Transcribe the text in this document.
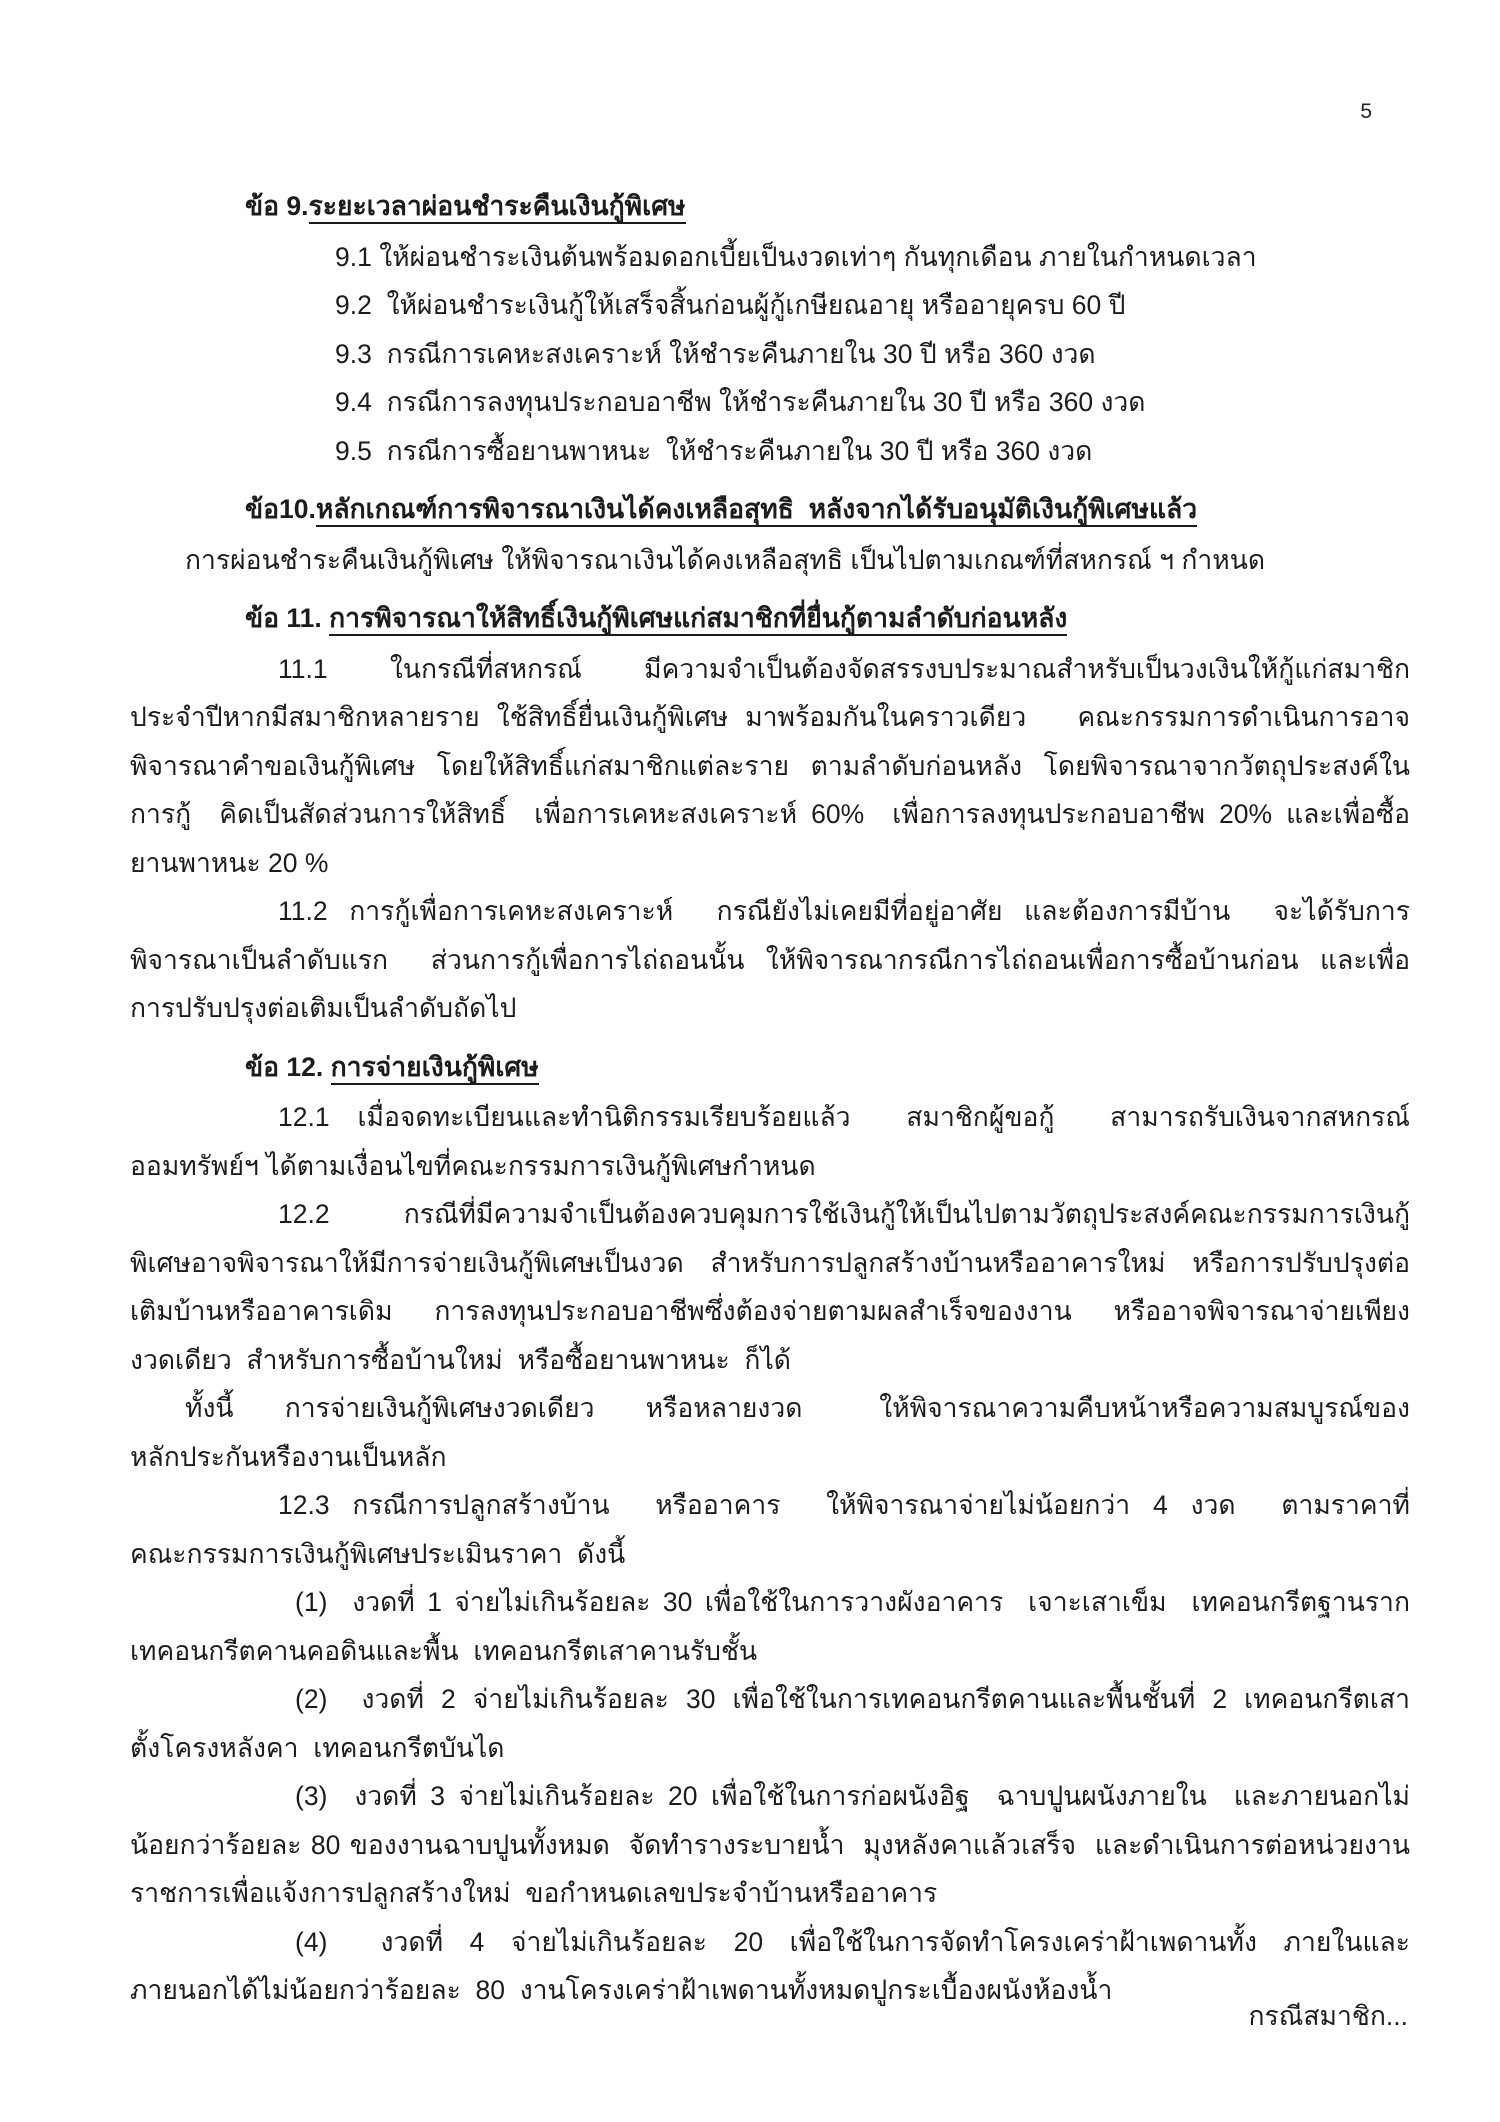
5
ข้อ 9.ระยะเวลาผ่อนชำระคืนเงินกู้พิเศษ
9.1 ให้ผ่อนชำระเงินต้นพร้อมดอกเบี้ยเป็นงวดเท่าๆ กันทุกเดือน ภายในกำหนดเวลา
9.2  ให้ผ่อนชำระเงินกู้ให้เสร็จสิ้นก่อนผู้กู้เกษียณอายุ หรืออายุครบ 60 ปี
9.3  กรณีการเคหะสงเคราะห์ ให้ชำระคืนภายใน 30 ปี หรือ 360 งวด
9.4  กรณีการลงทุนประกอบอาชีพ ให้ชำระคืนภายใน 30 ปี หรือ 360 งวด
9.5  กรณีการซื้อยานพาหนะ  ให้ชำระคืนภายใน 30 ปี หรือ 360 งวด
ข้อ10.หลักเกณฑ์การพิจารณาเงินได้คงเหลือสุทธิ  หลังจากได้รับอนุมัติเงินกู้พิเศษแล้ว
การผ่อนชำระคืนเงินกู้พิเศษ ให้พิจารณาเงินได้คงเหลือสุทธิ เป็นไปตามเกณฑ์ที่สหกรณ์ ฯ กำหนด
ข้อ 11. การพิจารณาให้สิทธิ์เงินกู้พิเศษแก่สมาชิกที่ยื่นกู้ตามลำดับก่อนหลัง
11.1 ในกรณีที่สหกรณ์ มีความจำเป็นต้องจัดสรรงบประมาณสำหรับเป็นวงเงินให้กู้แก่สมาชิก
ประจำปีหากมีสมาชิกหลายราย ใช้สิทธิ์ยื่นเงินกู้พิเศษ มาพร้อมกันในคราวเดียว   คณะกรรมการดำเนินการอาจ
พิจารณาคำขอเงินกู้พิเศษ  โดยให้สิทธิ์แก่สมาชิกแต่ละราย  ตามลำดับก่อนหลัง  โดยพิจารณาจากวัตถุประสงค์ใน
การกู้  คิดเป็นสัดส่วนการให้สิทธิ์  เพื่อการเคหะสงเคราะห์ 60%  เพื่อการลงทุนประกอบอาชีพ 20% และเพื่อซื้อ
ยานพาหนะ 20 %
11.2 การกู้เพื่อการเคหะสงเคราะห์  กรณียังไม่เคยมีที่อยู่อาศัย และต้องการมีบ้าน  จะได้รับการ
พิจารณาเป็นลำดับแรก  ส่วนการกู้เพื่อการไถ่ถอนนั้น ให้พิจารณากรณีการไถ่ถอนเพื่อการซื้อบ้านก่อน และเพื่อ
การปรับปรุงต่อเติมเป็นลำดับถัดไป
ข้อ 12. การจ่ายเงินกู้พิเศษ
12.1 เมื่อจดทะเบียนและทำนิติกรรมเรียบร้อยแล้ว  สมาชิกผู้ขอกู้  สามารถรับเงินจากสหกรณ์
ออมทรัพย์ฯ ได้ตามเงื่อนไขที่คณะกรรมการเงินกู้พิเศษกำหนด
12.2 กรณีที่มีความจำเป็นต้องควบคุมการใช้เงินกู้ให้เป็นไปตามวัตถุประสงค์คณะกรรมการเงินกู้
พิเศษอาจพิจารณาให้มีการจ่ายเงินกู้พิเศษเป็นงวด  สำหรับการปลูกสร้างบ้านหรืออาคารใหม่  หรือการปรับปรุงต่อ
เติมบ้านหรืออาคารเดิม  การลงทุนประกอบอาชีพซึ่งต้องจ่ายตามผลสำเร็จของงาน  หรืออาจพิจารณาจ่ายเพียง
งวดเดียว  สำหรับการซื้อบ้านใหม่  หรือซื้อยานพาหนะ  ก็ได้
ทั้งนี้  การจ่ายเงินกู้พิเศษงวดเดียว  หรือหลายงวด   ให้พิจารณาความคืบหน้าหรือความสมบูรณ์ของ
หลักประกันหรืองานเป็นหลัก
12.3 กรณีการปลูกสร้างบ้าน  หรืออาคาร  ให้พิจารณาจ่ายไม่น้อยกว่า 4 งวด  ตามราคาที่
คณะกรรมการเงินกู้พิเศษประเมินราคา  ดังนี้
(1)  งวดที่ 1 จ่ายไม่เกินร้อยละ 30 เพื่อใช้ในการวางผังอาคาร  เจาะเสาเข็ม  เทคอนกรีตฐานราก
เทคอนกรีตคานคอดินและพื้น  เทคอนกรีตเสาคานรับชั้น
(2)  งวดที่ 2 จ่ายไม่เกินร้อยละ 30 เพื่อใช้ในการเทคอนกรีตคานและพื้นชั้นที่ 2 เทคอนกรีตเสา
ตั้งโครงหลังคา  เทคอนกรีตบันได
(3)  งวดที่ 3 จ่ายไม่เกินร้อยละ 20 เพื่อใช้ในการก่อผนังอิฐ  ฉาบปูนผนังภายใน  และภายนอกไม่
น้อยกว่าร้อยละ 80 ของงานฉาบปูนทั้งหมด  จัดทำรางระบายน้ำ  มุงหลังคาแล้วเสร็จ  และดำเนินการต่อหน่วยงาน
ราชการเพื่อแจ้งการปลูกสร้างใหม่  ขอกำหนดเลขประจำบ้านหรืออาคาร
(4)  งวดที่ 4 จ่ายไม่เกินร้อยละ 20 เพื่อใช้ในการจัดทำโครงเคร่าฝ้าเพดานทั้ง ภายในและ
ภายนอกได้ไม่น้อยกว่าร้อยละ  80  งานโครงเคร่าฝ้าเพดานทั้งหมดปูกระเบื้องผนังห้องน้ำ
กรณีสมาชิก...
